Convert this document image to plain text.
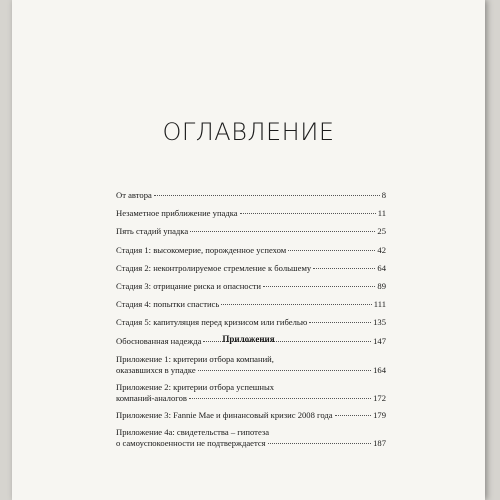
ОГЛАВЛЕНИЕ
От автора	8
Незаметное приближение упадка	11
Пять стадий упадка	25
Стадия 1: высокомерие, порожденное успехом	42
Стадия 2: неконтролируемое стремление к большему	64
Стадия 3: отрицание риска и опасности	89
Стадия 4: попытки спастись	111
Стадия 5: капитуляция перед кризисом или гибелью	135
Обоснованная надежда	147
Приложения
Приложение 1: критерии отбора компаний,
оказавшихся в упадке	164
Приложение 2: критерии отбора успешных
компаний-аналогов	172
Приложение 3: Fannie Mae и финансовый кризис 2008 года	179
Приложение 4а: свидетельства – гипотеза
о самоуспокоенности не подтверждается	187
